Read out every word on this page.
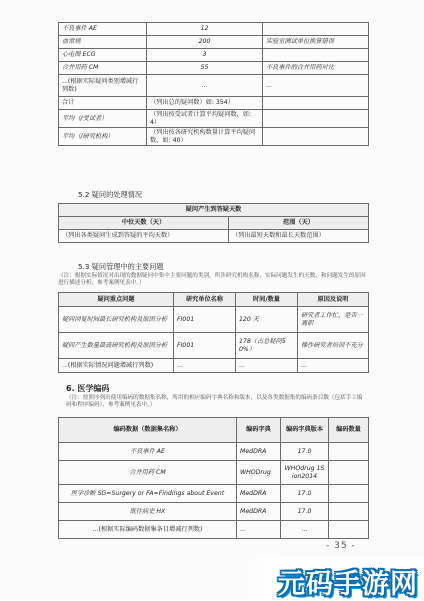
不良事件 AE	12	
血常规	200	实验室测试单位换算错误
心电图 ECG	3	
合并用药 CM	55	不良事件的合并用药对比
...(根据实际疑问类别增减行列数)	...	...
合计	（列出总的疑问数）如: 354）	
平均（/受试者）	（列出按受试者计算平均疑问数，如: 4）	
平均（/研究机构）	（列出按各研究机构数量计算平均疑问数，如: 40）	
5.2 疑问的处理情况
疑问产生到答疑天数	
中位天数（天）	范围（天）
（列出各类疑问生成到答疑的平均天数）	（列出最短天数和最长天数范围）
5.3 疑问管理中的主要问题
（注：根据实际情况对出现的数据疑问中集中主要问题的类别，所涉研究机构名称，实际问题发生的天数，和问题发生的原因进行描述分析，参考案例见表中。）
疑问重点问题	研究单位名称	时间/数量	原因及说明
疑问回复时间最长研究机构及原因分析	FI001	120 天	研究者工作忙，是否一离职
疑问产生数量最高研究机构及原因分析	FI001	178（占总疑问50%）	操作研究者培训不充分
...(根据实际情况问题增减行列数)	...	...	...
6. 医学编码
（注：按照序列出使用编码的数据集名称，所用的相应编码字典名称和版本，以及各类数据集的编码条目数（包括手工编码和程序编码），参考案例见表中。）
编码数据（数据集名称）	编码字典	编码字典版本	编码数量
不良事件 AE	MedDRA	17.0	
合并用药 CM	WHODrug	WHOdrug 1Sion2014	
医学诊断 SG=Surgery or FA=Findings about Event	MedDRA	17.0	
既往病史 HX	MedDRA	17.0	
...(根据实际编码数据集条目增减行列数)	...	...	
- 35 -
元码手游网
